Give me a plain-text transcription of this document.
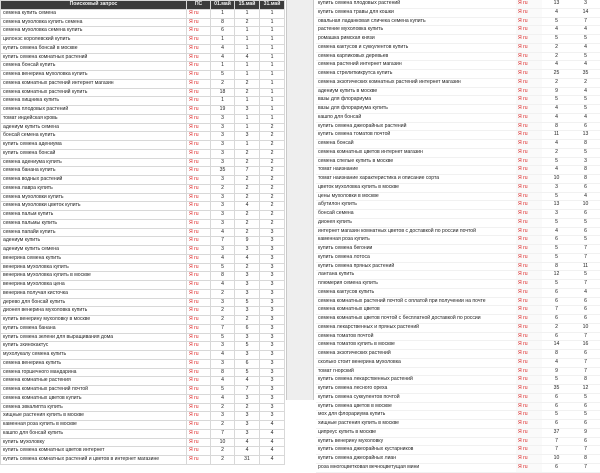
Поисковый запрос	ПС	01.май	15.май	31.май
семена купить семена	Я ru	1	1	1
семена мухоловка купить семена	Я ru	8	2	1
семена мухоловка семена купить	Я ru	6	1	1
цилонэс королевский купить	Я ru	1	1	1
купить семена бонсай в москве	Я ru	4	1	1
купить семена комнатных растений	Я ru	4	4	1
семена бонсай купить	Я ru	1	1	1
семена венерина мухоловка купить	Я ru	5	1	1
семена комнатных растений интернет магазин	Я ru	2	2	1
семена комнатных растений купить	Я ru	18	2	1
семена хищника купить	Я ru	1	1	1
семена плодовых растений	Я ru	19	3	1
томат индейская кровь	Я ru	3	1	1
адениум купить семена	Я ru	3	1	2
бонсай семена купить	Я ru	3	3	2
купить семена адениума	Я ru	3	1	2
купить семена бонсай	Я ru	3	2	2
семена адениума купить	Я ru	3	2	2
семена банана купить	Я ru	35	7	2
семена водных растений	Я ru	3	2	2
семена лавра купить	Я ru	2	2	2
семена мухоловки купить	Я ru	3	2	2
семена мухоловки цветок купить	Я ru	3	4	2
семена пальм купить	Я ru	3	2	2
семена пальмы купить	Я ru	3	2	2
семена папайи купить	Я ru	4	2	3
адениум купить	Я ru	7	9	3
адениум купить семена	Я ru	3	3	3
венерина семена купить	Я ru	4	4	3
венерина мухоловка купить	Я ru	5	2	3
венерина мухоловка купить в москве	Я ru	8	3	3
венерина мухоловка цена	Я ru	4	3	3
венерина получая кисточка	Я ru	2	3	3
дерево для бонсай купить	Я ru	3	5	3
дионея венерина мухоловка купить	Я ru	2	3	3
купить венерину мухоловку в москве	Я ru	2	2	3
купить семена банана	Я ru	7	6	3
купить семена зелени для выращивания дома	Я ru	5	3	3
купить эхинокактус	Я ru	3	5	3
мухолукалу семена купить	Я ru	4	3	3
семена венерина купить	Я ru	3	6	3
семена горшечного мандарина	Я ru	8	5	3
семена комнатные растения	Я ru	4	4	3
семена комнатных растений почтой	Я ru	5	7	3
семена комнатных цветов купить	Я ru	4	3	3
семена эвкалипта купить	Я ru	2	2	3
хищные растения купить в москве	Я ru	3	3	3
каменная роза купить в москве	Я ru	2	3	4
кашпо для бонсай купить	Я ru	7	3	4
купить мухоловку	Я ru	10	4	4
купить семена комнатных цветов интернет	Я ru	2	4	4
купить семена комнатных растений и цветов в интернет магазине	Я ru	2	31	4
купить семена плодовых растений	Я ru	13	3
купить семена травы для кошки	Я ru	4	14
овальная ладанковая сличека семена купить	Я ru	5	7
растение мухоловка купить	Я ru	4	4
ромашка римская князи	Я ru	5	5
семена кактусов и суккулентов купить	Я ru	2	4
семена карликовых деревьев	Я ru	2	5
семена растений интернет магазин	Я ru	4	4
семена стрелиткикрутса купить	Я ru	25	35
семена экзотических комнатных растений интернет магазин	Я ru	2	2
адениум купить в москве	Я ru	9	4
вазы для флорариума	Я ru	5	5
вазы для флорариума купить	Я ru	4	5
кашпо для бонсай	Я ru	4	4
купить семена джеорайных растений	Я ru	8	6
купить семена томатов почтой	Я ru	11	13
семена бонсай	Я ru	4	8
семена комнатных цветов интернет магазин	Я ru	2	5
семена спелые купить в москве	Я ru	5	3
томат наизнание	Я ru	4	8
томат наизнание характеристика и описание сорта	Я ru	10	8
цветок мухоловка купить в москве	Я ru	3	6
цены мухоловки в москве	Я ru	5	4
абутилон купить	Я ru	13	10
бонсай семена	Я ru	3	6
дионея купить	Я ru	5	5
интернет магазин комнатных цветов с доставкой по россии почтой	Я ru	4	6
каменная роза купить	Я ru	6	5
купить семена бегонии	Я ru	5	7
купить семена лотоса	Я ru	5	7
купить семена пряных растений	Я ru	8	11
лантана купить	Я ru	12	5
плюмерия семена купить	Я ru	5	7
семена кактусов купить	Я ru	6	4
семена комнатных растений почтой с оплатой при получении на почте	Я ru	6	6
семена комнатных цветов	Я ru	7	6
семена комнатных цветов почтой с бесплатной доставкой по россии	Я ru	6	6
семена лекарственных и пряных растений	Я ru	2	10
семена томатов почтой	Я ru	6	7
семена томатов купить в москве	Я ru	14	16
семена экзотических растений	Я ru	8	6
сколько стоит венерина мухоловка	Я ru	4	7
томат гнорский	Я ru	9	7
купить семена лекарственных растений	Я ru	5	8
купить семена лесного ореха	Я ru	35	12
купить семена суккулентов почтой	Я ru	6	5
купить семена цветов в москве	Я ru	6	6
мох для флорариума купить	Я ru	5	5
хищные растения купить в москве	Я ru	6	6
ципреус купить в москве	Я ru	37	9
купить венерину мухоловку	Я ru	7	6
купить семена джеорайных кустарников	Я ru	7	7
купить семена джеорайных лиан	Я ru	10	8
роза многоцветковая вечноцветущая мини	Я ru	6	7
